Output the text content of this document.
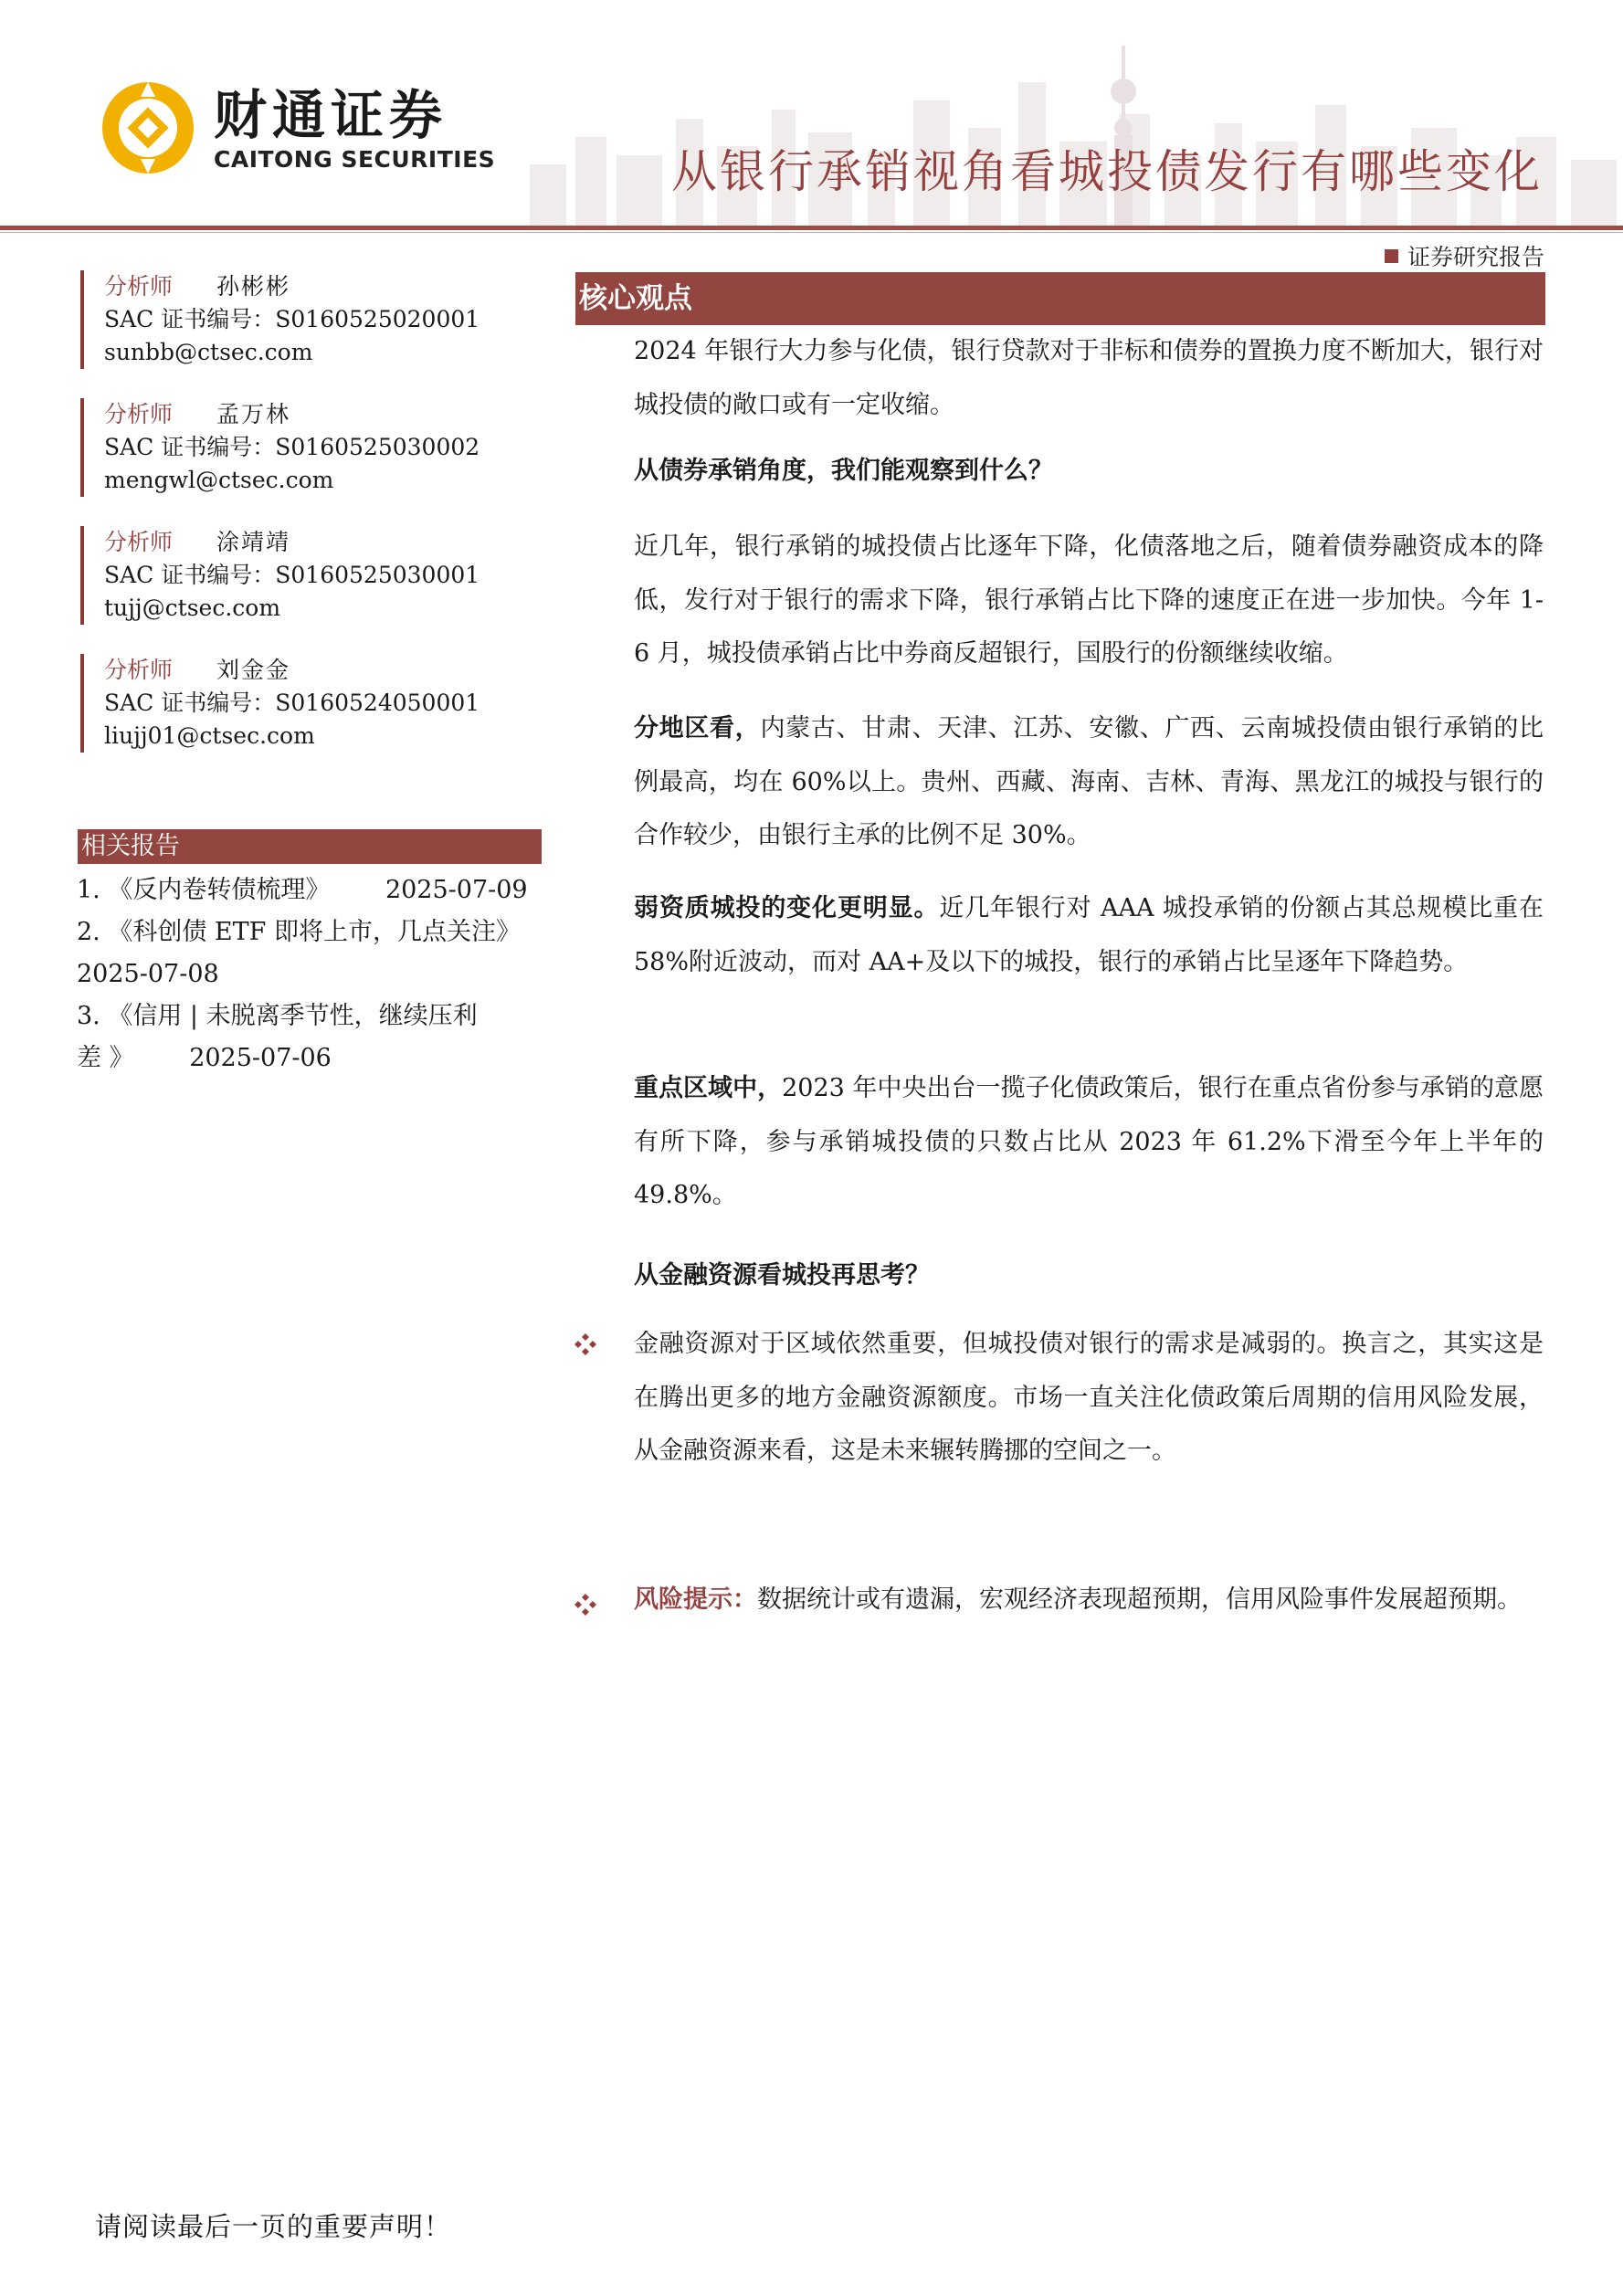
财通证券
CAITONG SECURITIES	从银行承销视角看城投债发行有哪些变化
证券研究报告
分析师 孙彬彬
SAC 证书编号：S0160525020001
sunbb@ctsec.com
分析师 孟万林
SAC 证书编号：S0160525030002
mengwl@ctsec.com
分析师 涂靖靖
SAC 证书编号：S0160525030001
tujj@ctsec.com
分析师 刘金金
SAC 证书编号：S0160524050001
liujj01@ctsec.com
相关报告
1. 《反内卷转债梳理》 2025-07-09
2. 《科创债 ETF 即将上市，几点关注》
2025-07-08
3. 《信用 | 未脱离季节性，继续压利
差 》 2025-07-06
核心观点
2024 年银行大力参与化债，银行贷款对于非标和债券的置换力度不断加大，银行对城投债的敞口或有一定收缩。
从债券承销角度，我们能观察到什么？
近几年，银行承销的城投债占比逐年下降，化债落地之后，随着债券融资成本的降低，发行对于银行的需求下降，银行承销占比下降的速度正在进一步加快。今年 1-6 月，城投债承销占比中券商反超银行，国股行的份额继续收缩。
分地区看，内蒙古、甘肃、天津、江苏、安徽、广西、云南城投债由银行承销的比例最高，均在 60%以上。贵州、西藏、海南、吉林、青海、黑龙江的城投与银行的合作较少，由银行主承的比例不足 30%。
弱资质城投的变化更明显。近几年银行对 AAA 城投承销的份额占其总规模比重在 58%附近波动，而对 AA+及以下的城投，银行的承销占比呈逐年下降趋势。
重点区域中，2023 年中央出台一揽子化债政策后，银行在重点省份参与承销的意愿有所下降，参与承销城投债的只数占比从 2023 年 61.2%下滑至今年上半年的 49.8%。
从金融资源看城投再思考？
金融资源对于区域依然重要，但城投债对银行的需求是减弱的。换言之，其实这是在腾出更多的地方金融资源额度。市场一直关注化债政策后周期的信用风险发展，从金融资源来看，这是未来辗转腾挪的空间之一。
风险提示：数据统计或有遗漏，宏观经济表现超预期，信用风险事件发展超预期。
请阅读最后一页的重要声明！
